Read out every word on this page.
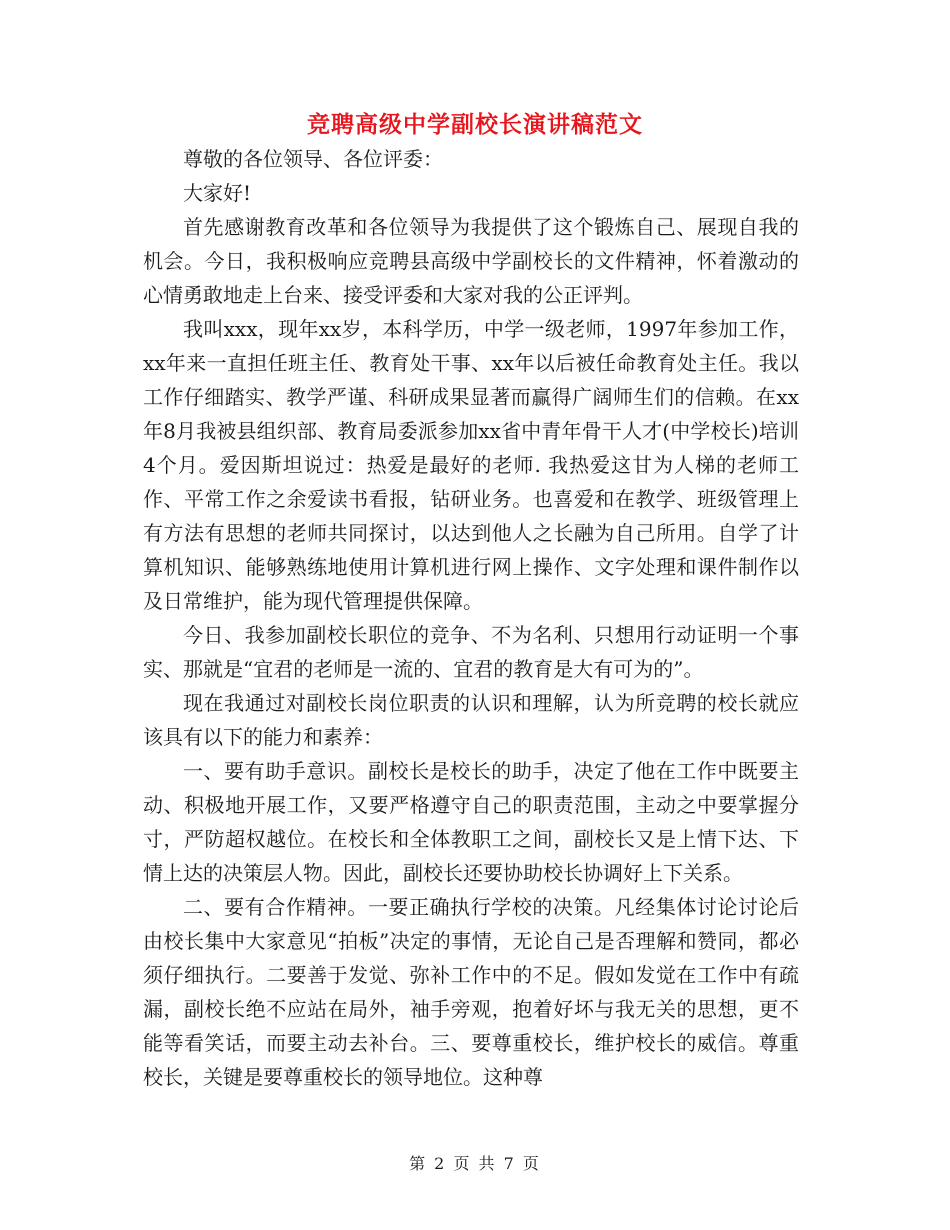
竞聘高级中学副校长演讲稿范文

尊敬的各位领导、各位评委：

大家好!

首先感谢教育改革和各位领导为我提供了这个锻炼自己、展现自我的机会。今日，我积极响应竞聘县高级中学副校长的文件精神，怀着激动的心情勇敢地走上台来、接受评委和大家对我的公正评判。

我叫xxx，现年xx岁，本科学历，中学一级老师，1997年参加工作，xx年来一直担任班主任、教育处干事、xx年以后被任命教育处主任。我以工作仔细踏实、教学严谨、科研成果显著而赢得广阔师生们的信赖。在xx年8月我被县组织部、教育局委派参加xx省中青年骨干人才(中学校长)培训4个月。爱因斯坦说过：热爱是最好的老师. 我热爱这甘为人梯的老师工作、平常工作之余爱读书看报，钻研业务。也喜爱和在教学、班级管理上有方法有思想的老师共同探讨，以达到他人之长融为自己所用。自学了计算机知识、能够熟练地使用计算机进行网上操作、文字处理和课件制作以及日常维护，能为现代管理提供保障。

今日、我参加副校长职位的竞争、不为名利、只想用行动证明一个事实、那就是“宜君的老师是一流的、宜君的教育是大有可为的”。

现在我通过对副校长岗位职责的认识和理解，认为所竞聘的校长就应该具有以下的能力和素养：

一、要有助手意识。副校长是校长的助手，决定了他在工作中既要主动、积极地开展工作，又要严格遵守自己的职责范围，主动之中要掌握分寸，严防超权越位。在校长和全体教职工之间，副校长又是上情下达、下情上达的决策层人物。因此，副校长还要协助校长协调好上下关系。

二、要有合作精神。一要正确执行学校的决策。凡经集体讨论讨论后由校长集中大家意见“拍板”决定的事情，无论自己是否理解和赞同，都必须仔细执行。二要善于发觉、弥补工作中的不足。假如发觉在工作中有疏漏，副校长绝不应站在局外，袖手旁观，抱着好坏与我无关的思想，更不能等看笑话，而要主动去补台。三、要尊重校长，维护校长的威信。尊重校长，关键是要尊重校长的领导地位。这种尊

第 2 页 共 7 页
